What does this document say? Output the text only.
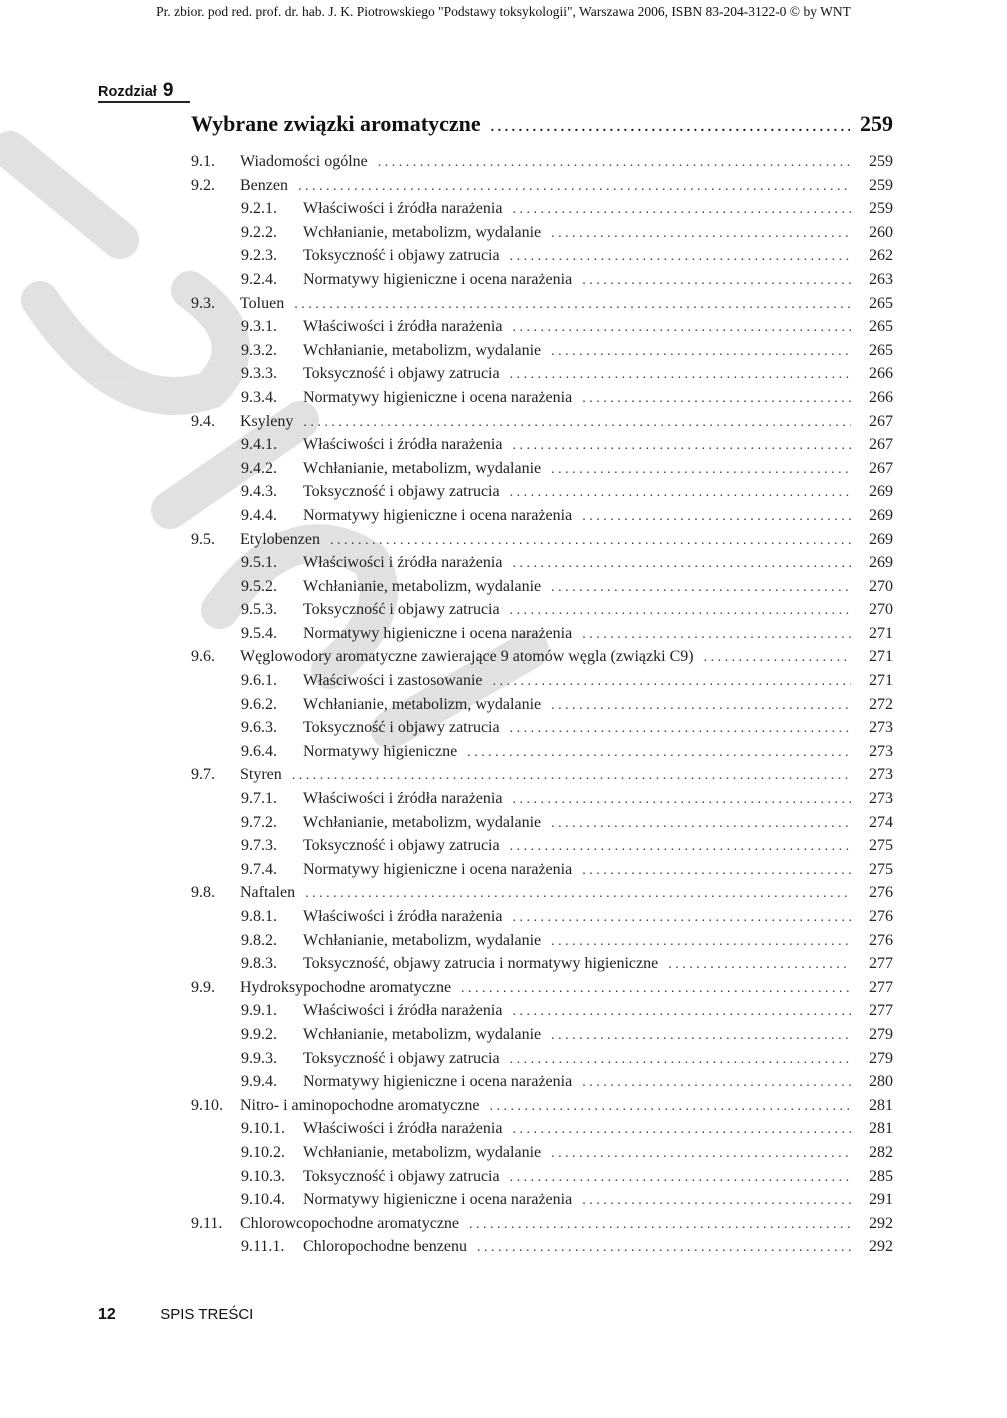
Pr. zbior. pod red. prof. dr. hab. J. K. Piotrowskiego "Podstawy toksykologii", Warszawa 2006, ISBN 83-204-3122-0 © by WNT
Rozdział 9
Wybrane związki aromatyczne . . .	259
9.1.	Wiadomości ogólne . . .	259
9.2.	Benzen . . .	259
9.2.1.	Właściwości i źródła narażenia . . .	259
9.2.2.	Wchłanianie, metabolizm, wydalanie . . .	260
9.2.3.	Toksyczność i objawy zatrucia . . .	262
9.2.4.	Normatywy higieniczne i ocena narażenia . . .	263
9.3.	Toluen . . .	265
9.3.1.	Właściwości i źródła narażenia . . .	265
9.3.2.	Wchłanianie, metabolizm, wydalanie . . .	265
9.3.3.	Toksyczność i objawy zatrucia . . .	266
9.3.4.	Normatywy higieniczne i ocena narażenia . . .	266
9.4.	Ksyleny . . .	267
9.4.1.	Właściwości i źródła narażenia . . .	267
9.4.2.	Wchłanianie, metabolizm, wydalanie . . .	267
9.4.3.	Toksyczność i objawy zatrucia . . .	269
9.4.4.	Normatywy higieniczne i ocena narażenia . . .	269
9.5.	Etylobenzen . . .	269
9.5.1.	Właściwości i źródła narażenia . . .	269
9.5.2.	Wchłanianie, metabolizm, wydalanie . . .	270
9.5.3.	Toksyczność i objawy zatrucia . . .	270
9.5.4.	Normatywy higieniczne i ocena narażenia . . .	271
9.6.	Węglowodory aromatyczne zawierające 9 atomów węgla (związki C9) . . .	271
9.6.1.	Właściwości i zastosowanie . . .	271
9.6.2.	Wchłanianie, metabolizm, wydalanie . . .	272
9.6.3.	Toksyczność i objawy zatrucia . . .	273
9.6.4.	Normatywy higieniczne . . .	273
9.7.	Styren . . .	273
9.7.1.	Właściwości i źródła narażenia . . .	273
9.7.2.	Wchłanianie, metabolizm, wydalanie . . .	274
9.7.3.	Toksyczność i objawy zatrucia . . .	275
9.7.4.	Normatywy higieniczne i ocena narażenia . . .	275
9.8.	Naftalen . . .	276
9.8.1.	Właściwości i źródła narażenia . . .	276
9.8.2.	Wchłanianie, metabolizm, wydalanie . . .	276
9.8.3.	Toksyczność, objawy zatrucia i normatywy higieniczne . . .	277
9.9.	Hydroksypochodne aromatyczne . . .	277
9.9.1.	Właściwości i źródła narażenia . . .	277
9.9.2.	Wchłanianie, metabolizm, wydalanie . . .	279
9.9.3.	Toksyczność i objawy zatrucia . . .	279
9.9.4.	Normatywy higieniczne i ocena narażenia . . .	280
9.10.	Nitro- i aminopochodne aromatyczne . . .	281
9.10.1.	Właściwości i źródła narażenia . . .	281
9.10.2.	Wchłanianie, metabolizm, wydalanie . . .	282
9.10.3.	Toksyczność i objawy zatrucia . . .	285
9.10.4.	Normatywy higieniczne i ocena narażenia . . .	291
9.11.	Chlorowcopochodne aromatyczne . . .	292
9.11.1.	Chloropochodne benzenu . . .	292
12	SPIS TREŚCI
